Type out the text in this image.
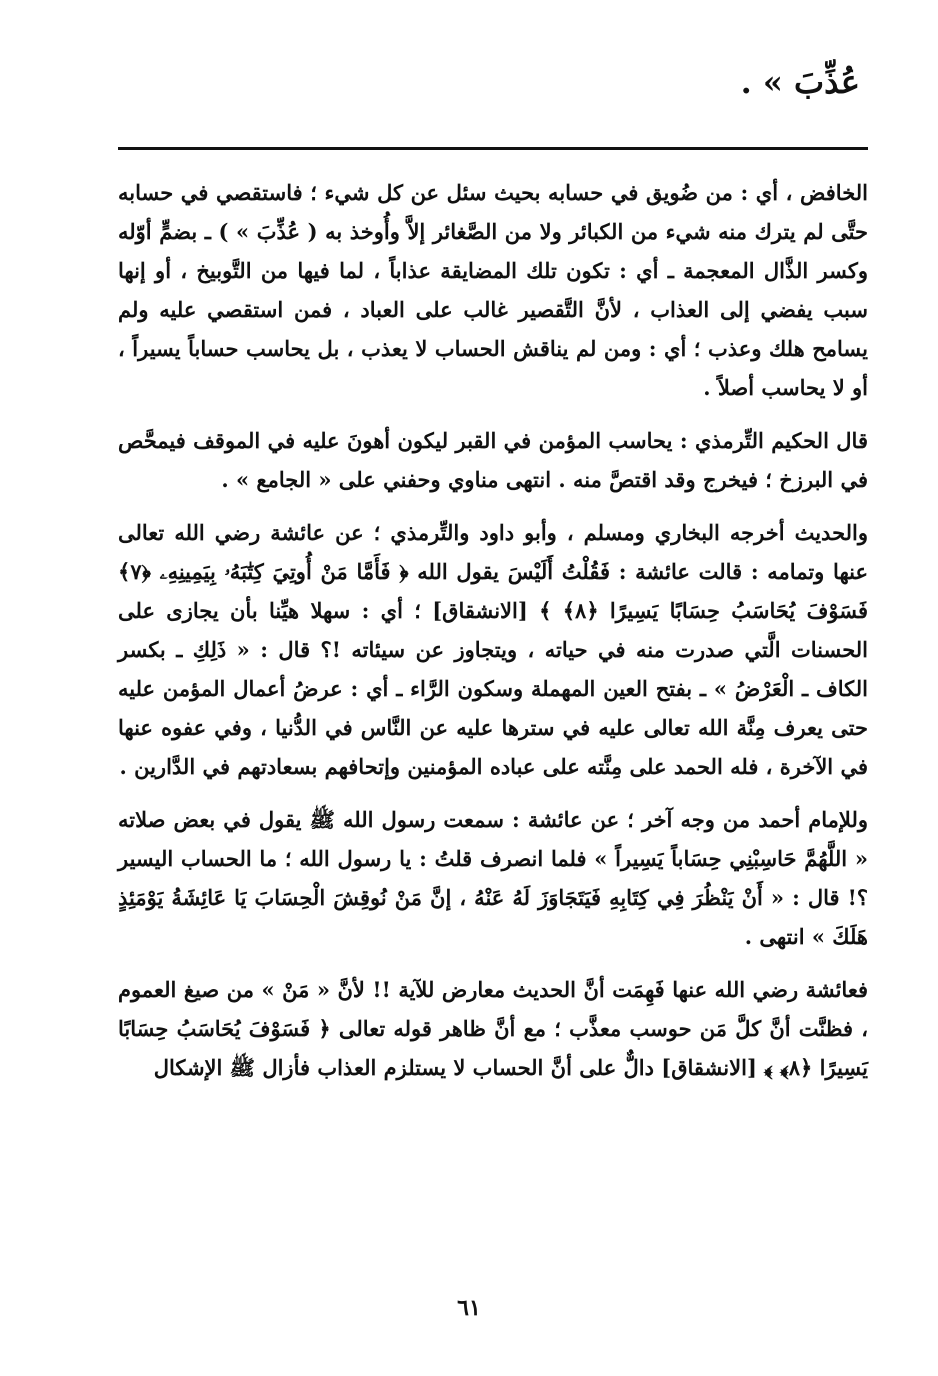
عُذِّبَ » .

الخافض ، أي : من ضُويق في حسابه بحيث سئل عن كل شيء ؛ فاستقصي في حسابه حتَّى لم يترك منه شيء من الكبائر ولا من الصَّغائر إلاَّ وأُوخذ به ( عُذِّبَ » ) ـ بضمٍّ أوّله وكسر الذَّال المعجمة ـ أي : تكون تلك المضايقة عذاباً ، لما فيها من التَّوبيخ ، أو إنها سبب يفضي إلى العذاب ، لأنَّ التَّقصير غالب على العباد ، فمن استقصي عليه ولم يسامح هلك وعذب ؛ أي : ومن لم يناقش الحساب لا يعذب ، بل يحاسب حساباً يسيراً ، أو لا يحاسب أصلاً .

قال الحكيم التِّرمذي : يحاسب المؤمن في القبر ليكون أهونَ عليه في الموقف فيمحَّص في البرزخ ؛ فيخرج وقد اقتصَّ منه . انتهى مناوي وحفني على « الجامع » .

والحديث أخرجه البخاري ومسلم ، وأبو داود والتِّرمذي ؛ عن عائشة رضي الله تعالى عنها وتمامه : قالت عائشة : فَقُلْتُ أَلَيْسَ يقول الله ﴿ فَأَمَّا مَنْ أُوتِيَ كِتَٰبَهُۥ بِيَمِينِهِۦ ﴿٧﴾ فَسَوْفَ يُحَاسَبُ حِسَابًا يَسِيرًا ﴿٨﴾ ﴾ [الانشقاق] ؛ أي : سهلا هيِّنا بأن يجازى على الحسنات الَّتي صدرت منه في حياته ، ويتجاوز عن سيئاته !؟ قال : « ذَلِكِ ـ بكسر الكاف ـ الْعَرْضُ » ـ بفتح العين المهملة وسكون الرَّاء ـ أي : عرضُ أعمال المؤمن عليه حتى يعرف مِنَّة الله تعالى عليه في سترها عليه عن النَّاس في الدُّنيا ، وفي عفوه عنها في الآخرة ، فله الحمد على مِنَّته على عباده المؤمنين وإتحافهم بسعادتهم في الدَّارين .

وللإمام أحمد من وجه آخر ؛ عن عائشة : سمعت رسول الله ﷺ يقول في بعض صلاته « اللَّهُمَّ حَاسِبْنِي حِسَاباً يَسِيراً » فلما انصرف قلتُ : يا رسول الله ؛ ما الحساب اليسير ؟! قال : « أَنْ يَنْظُرَ فِي كِتَابِهِ فَيَتَجَاوَزَ لَهُ عَنْهُ ، إنَّ مَنْ نُوقِشَ الْحِسَابَ يَا عَائِشَةُ يَوْمَئِذٍ هَلَكَ » انتهى .

فعائشة رضي الله عنها فَهِمَت أنَّ الحديث معارض للآية !! لأنَّ « مَنْ » من صيغ العموم ، فظنَّت أنَّ كلَّ مَن حوسب معذَّب ؛ مع أنَّ ظاهر قوله تعالى ﴿ فَسَوْفَ يُحَاسَبُ حِسَابًا يَسِيرًا ﴿٨﴾ ﴾ [الانشقاق] دالٌّ على أنَّ الحساب لا يستلزم العذاب فأزال ﷺ الإشكال

٦١
